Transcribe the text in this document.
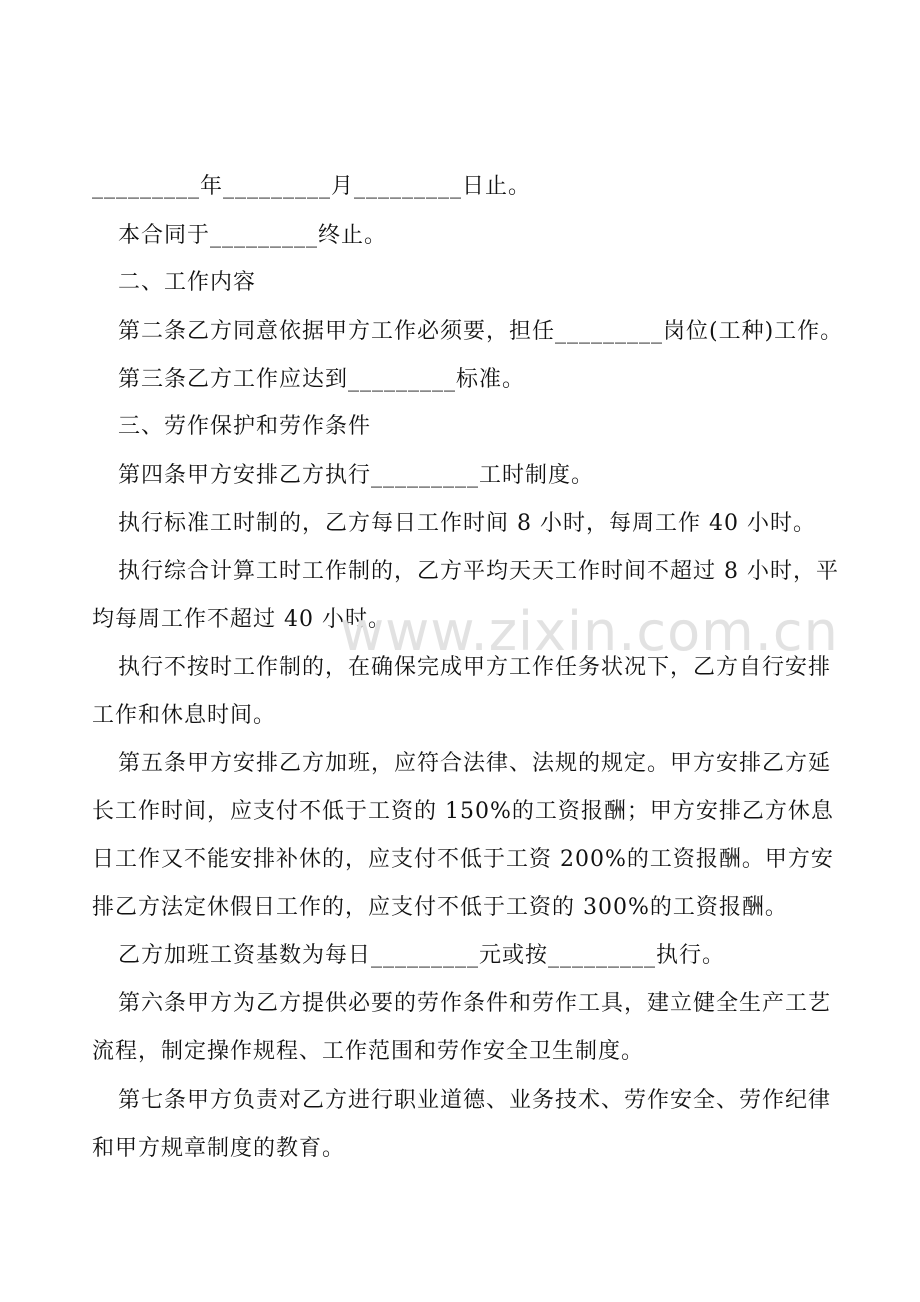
_________年_________月_________日止。
本合同于_________终止。
二、工作内容
第二条乙方同意依据甲方工作必须要，担任_________岗位(工种)工作。
第三条乙方工作应达到_________标准。
三、劳作保护和劳作条件
第四条甲方安排乙方执行_________工时制度。
执行标准工时制的，乙方每日工作时间 8 小时，每周工作 40 小时。
执行综合计算工时工作制的，乙方平均天天工作时间不超过 8 小时，平
均每周工作不超过 40 小时。
执行不按时工作制的，在确保完成甲方工作任务状况下，乙方自行安排
工作和休息时间。
第五条甲方安排乙方加班，应符合法律、法规的规定。甲方安排乙方延
长工作时间，应支付不低于工资的 150%的工资报酬；甲方安排乙方休息
日工作又不能安排补休的，应支付不低于工资 200%的工资报酬。甲方安
排乙方法定休假日工作的，应支付不低于工资的 300%的工资报酬。
乙方加班工资基数为每日_________元或按_________执行。
第六条甲方为乙方提供必要的劳作条件和劳作工具，建立健全生产工艺
流程，制定操作规程、工作范围和劳作安全卫生制度。
第七条甲方负责对乙方进行职业道德、业务技术、劳作安全、劳作纪律
和甲方规章制度的教育。
www.zixin.com.cn
